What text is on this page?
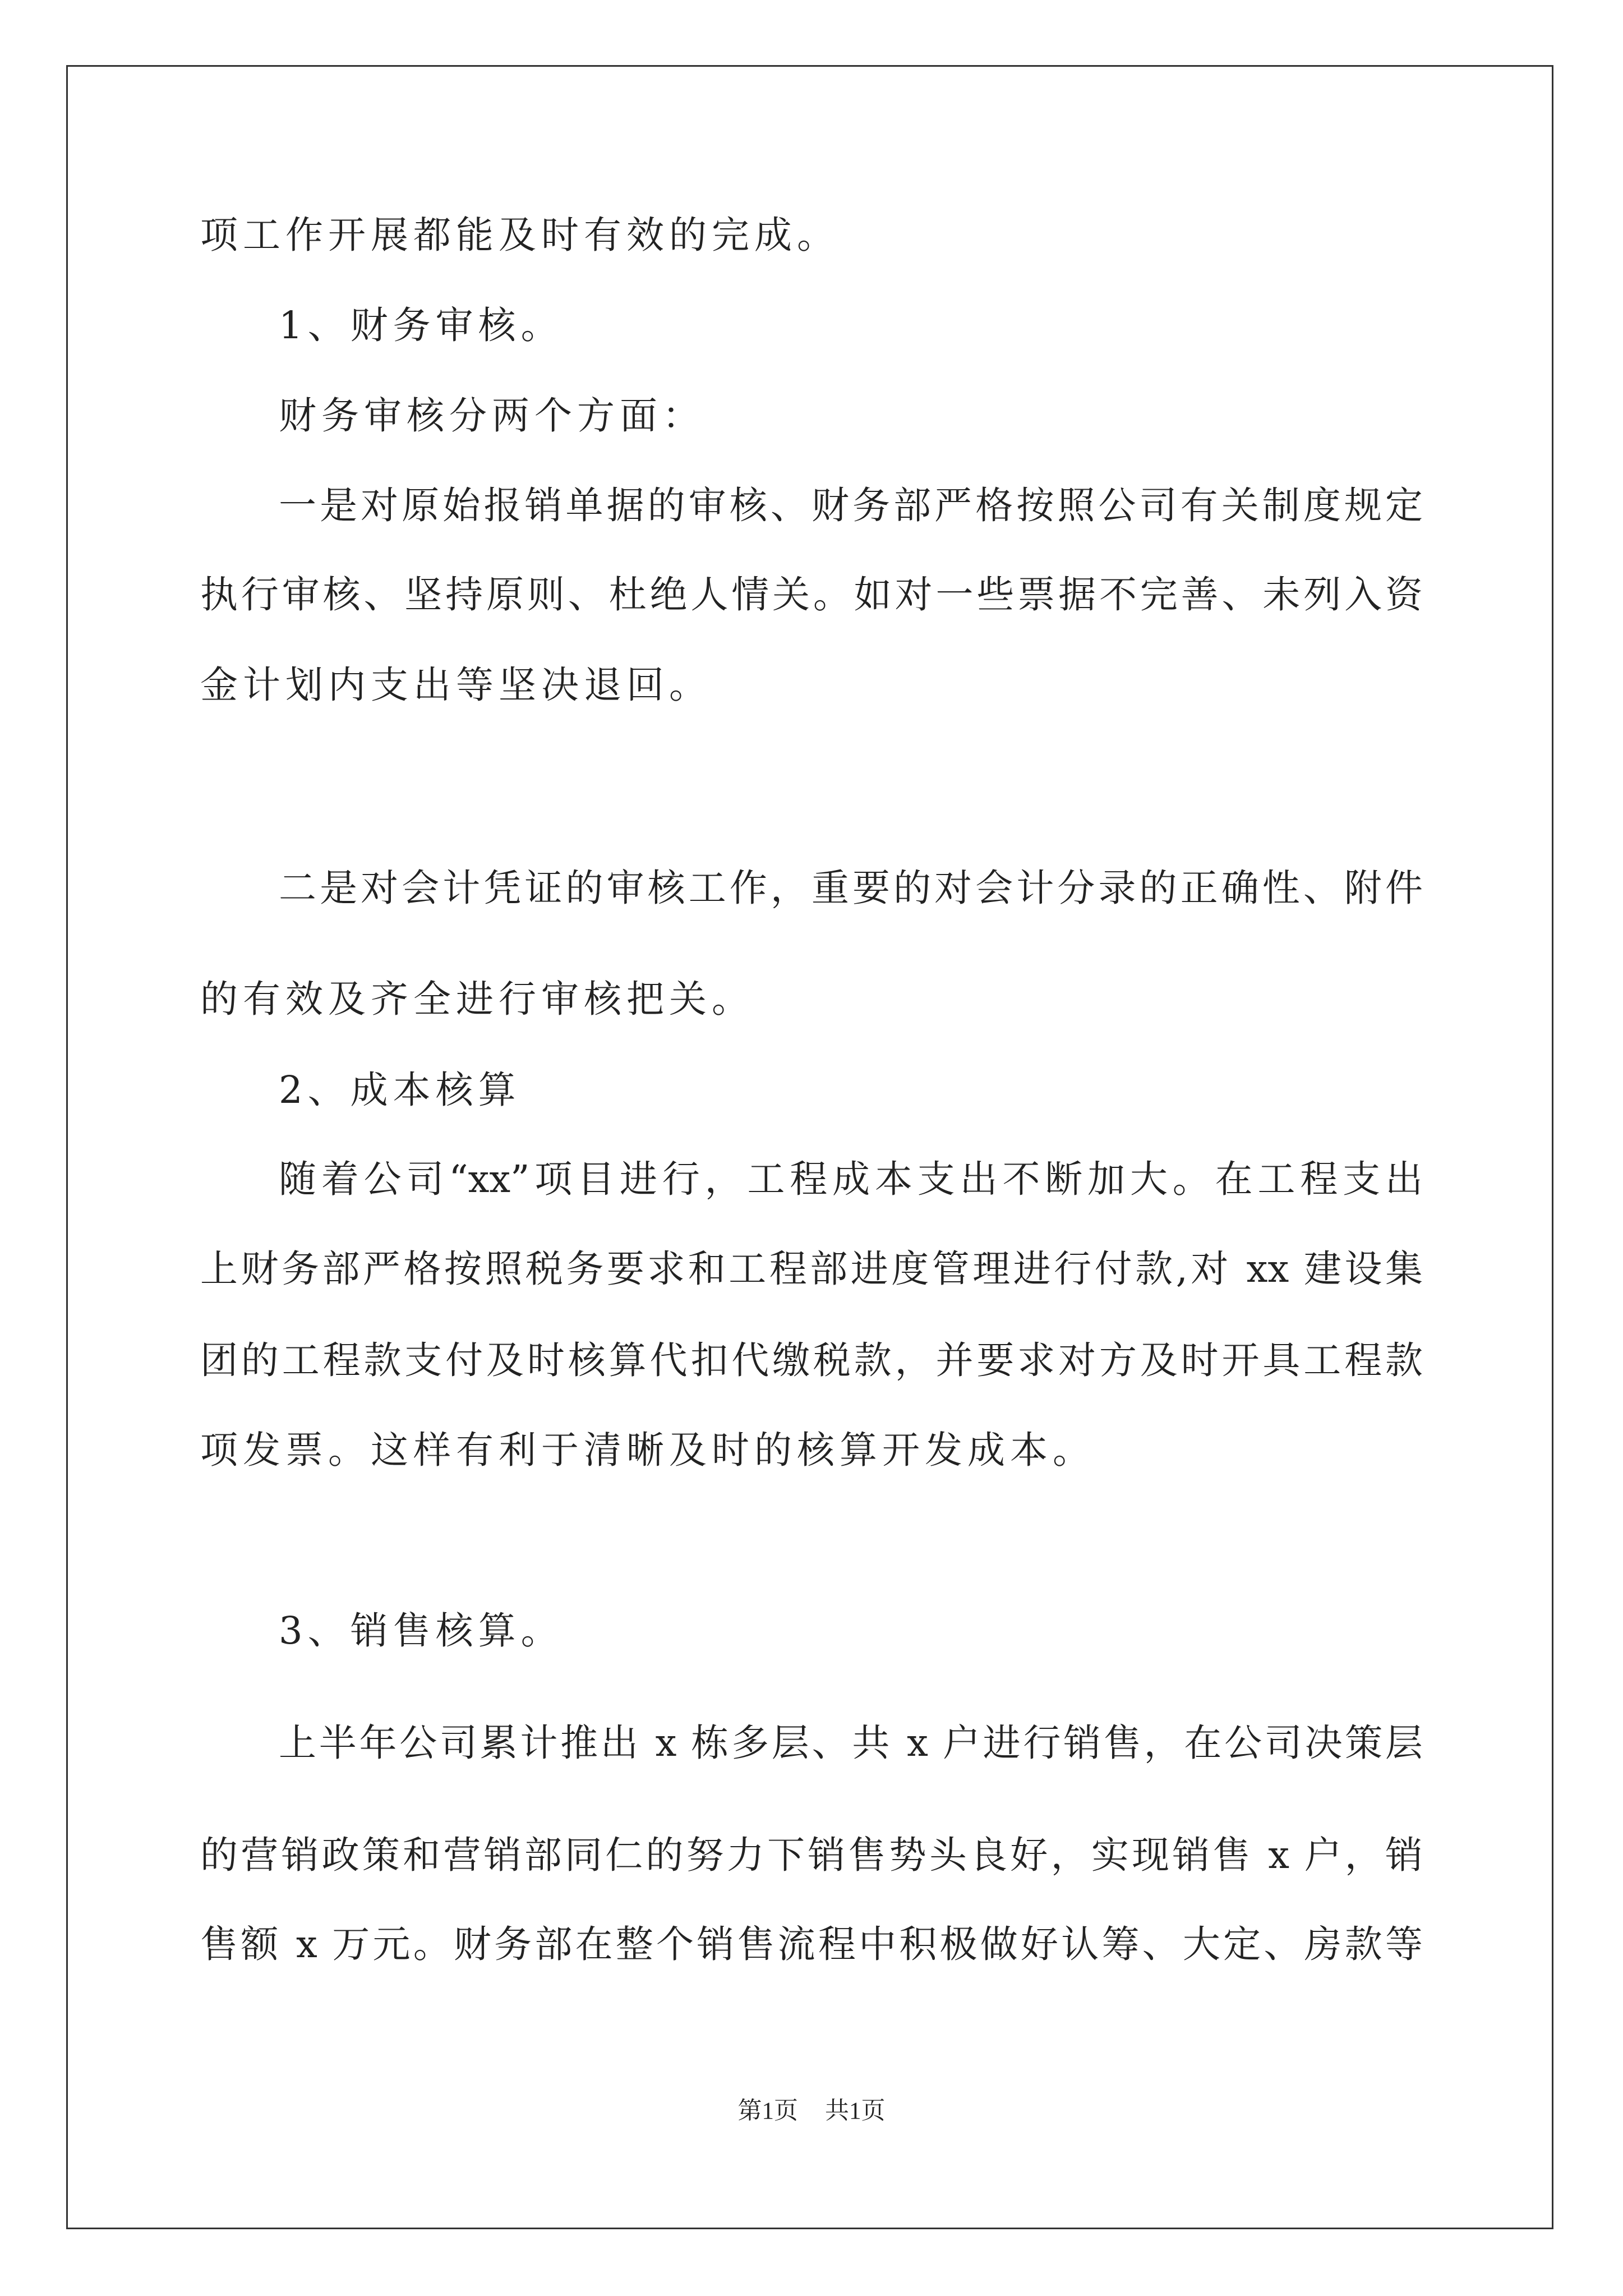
项工作开展都能及时有效的完成。
1、财务审核。
财务审核分两个方面：
一是对原始报销单据的审核、财务部严格按照公司有关制度规定
执行审核、坚持原则、杜绝人情关。如对一些票据不完善、未列入资
金计划内支出等坚决退回。
二是对会计凭证的审核工作，重要的对会计分录的正确性、附件
的有效及齐全进行审核把关。
2、成本核算
随着公司“xx”项目进行，工程成本支出不断加大。在工程支出
上财务部严格按照税务要求和工程部进度管理进行付款,对 xx 建设集
团的工程款支付及时核算代扣代缴税款，并要求对方及时开具工程款
项发票。这样有利于清晰及时的核算开发成本。
3、销售核算。
上半年公司累计推出 x 栋多层、共 x 户进行销售，在公司决策层
的营销政策和营销部同仁的努力下销售势头良好，实现销售 x 户，销
售额 x 万元。财务部在整个销售流程中积极做好认筹、大定、房款等
第1页 共1页
